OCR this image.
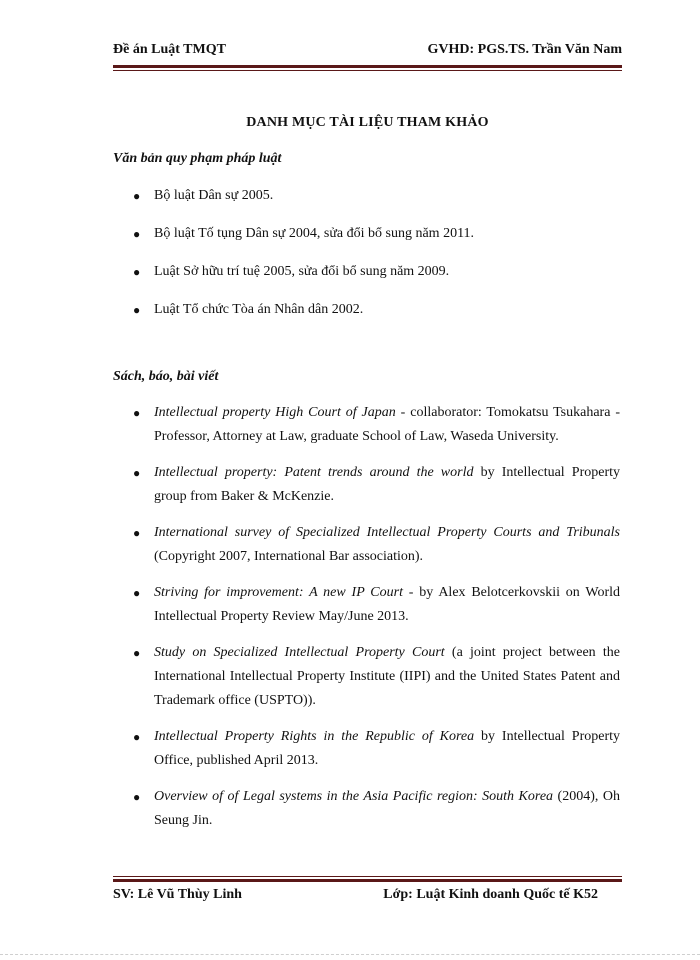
Đề án Luật TMQT	GVHD: PGS.TS. Trần Văn Nam
DANH MỤC TÀI LIỆU THAM KHẢO
Văn bản quy phạm pháp luật
● Bộ luật Dân sự 2005.
● Bộ luật Tố tụng Dân sự 2004, sửa đổi bổ sung năm 2011.
● Luật Sở hữu trí tuệ 2005, sửa đổi bổ sung năm 2009.
● Luật Tổ chức Tòa án Nhân dân 2002.
Sách, báo, bài viết
● Intellectual property High Court of Japan - collaborator: Tomokatsu Tsukahara - Professor, Attorney at Law, graduate School of Law, Waseda University.
● Intellectual property: Patent trends around the world by Intellectual Property group from Baker & McKenzie.
● International survey of Specialized Intellectual Property Courts and Tribunals (Copyright 2007, International Bar association).
● Striving for improvement: A new IP Court - by Alex Belotcerkovskii on World Intellectual Property Review May/June 2013.
● Study on Specialized Intellectual Property Court (a joint project between the International Intellectual Property Institute (IIPI) and the United States Patent and Trademark office (USPTO)).
● Intellectual Property Rights in the Republic of Korea by Intellectual Property Office, published April 2013.
● Overview of of Legal systems in the Asia Pacific region: South Korea (2004), Oh Seung Jin.
SV: Lê Vũ Thùy Linh	Lớp: Luật Kinh doanh Quốc tế K52
